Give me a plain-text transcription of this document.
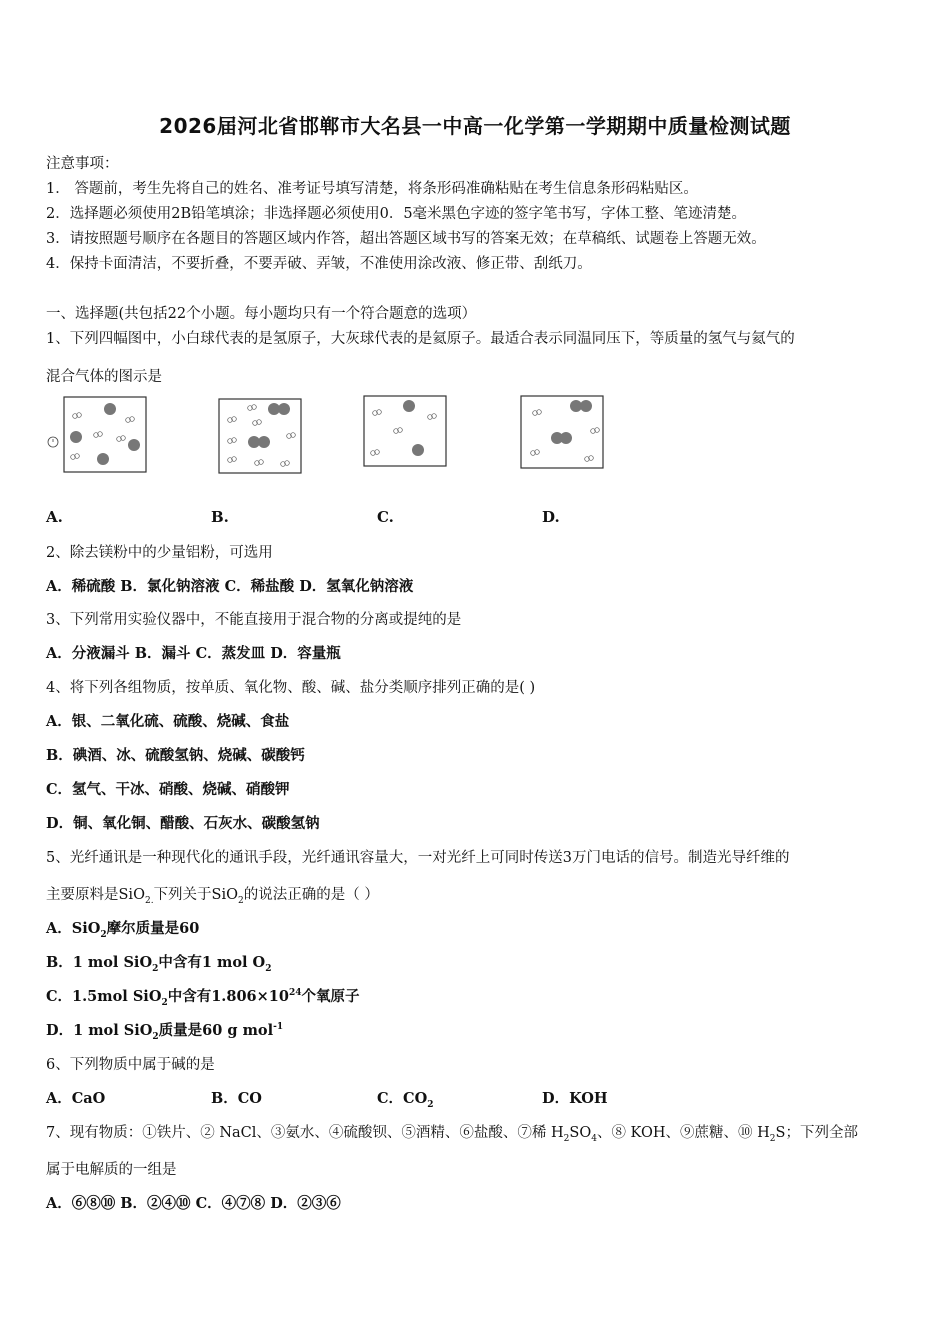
2026届河北省邯郸市大名县一中高一化学第一学期期中质量检测试题
注意事项：
1． 答题前，考生先将自己的姓名、准考证号填写清楚，将条形码准确粘贴在考生信息条形码粘贴区。
2．选择题必须使用2B铅笔填涂；非选择题必须使用0．5毫米黑色字迹的签字笔书写，字体工整、笔迹清楚。
3．请按照题号顺序在各题目的答题区域内作答，超出答题区域书写的答案无效；在草稿纸、试题卷上答题无效。
4．保持卡面清洁，不要折叠，不要弄破、弄皱，不准使用涂改液、修正带、刮纸刀。
一、选择题(共包括22个小题。每小题均只有一个符合题意的选项）
1、下列四幅图中，小白球代表的是氢原子，大灰球代表的是氦原子。最适合表示同温同压下，等质量的氢气与氦气的
混合气体的图示是
A.	B.	C.	D.
2、除去镁粉中的少量铝粉，可选用
A．稀硫酸 B．氯化钠溶液 C．稀盐酸 D．氢氧化钠溶液
3、下列常用实验仪器中，不能直接用于混合物的分离或提纯的是
A．分液漏斗 B．漏斗 C．蒸发皿 D．容量瓶
4、将下列各组物质，按单质、氧化物、酸、碱、盐分类顺序排列正确的是( )
A．银、二氧化硫、硫酸、烧碱、食盐
B．碘酒、冰、硫酸氢钠、烧碱、碳酸钙
C．氢气、干冰、硝酸、烧碱、硝酸钾
D．铜、氧化铜、醋酸、石灰水、碳酸氢钠
5、光纤通讯是一种现代化的通讯手段，光纤通讯容量大，一对光纤上可同时传送3万门电话的信号。制造光导纤维的
主要原料是SiO$_{2.}$下列关于SiO$_2$的说法正确的是（ ）
A．SiO$_2$摩尔质量是60
B．1 mol SiO$_2$中含有1 mol $O_2$
C．1.5mol SiO$_2$中含有$1.806\times 10^{24}$个氧原子
D．1 mol SiO$_2$质量是60 g mol$^{-1}$
6、下列物质中属于碱的是
A．CaO	B．CO	C．$CO_2$	D．KOH
7、现有物质：①铁片、② NaCl、③氨水、④硫酸钡、⑤酒精、⑥盐酸、⑦稀 $H_2SO_4$、⑧ KOH、⑨蔗糖、⑩ $H_2S$；下列全部
属于电解质的一组是
A．⑥⑧⑩ B．②④⑩ C．④⑦⑧ D．②③⑥
